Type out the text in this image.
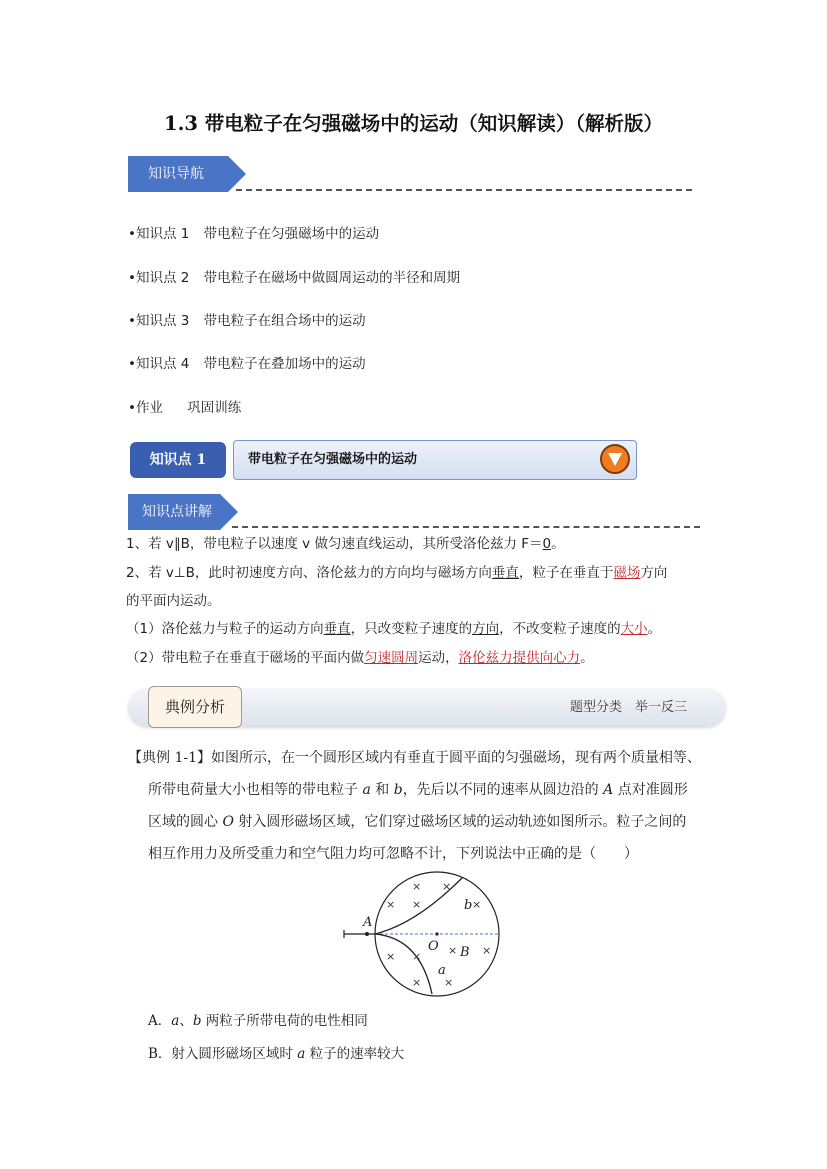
1.3 带电粒子在匀强磁场中的运动（知识解读）（解析版）
知识导航
•知识点 1 带电粒子在匀强磁场中的运动
•知识点 2 带电粒子在磁场中做圆周运动的半径和周期
•知识点 3 带电粒子在组合场中的运动
•知识点 4 带电粒子在叠加场中的运动
•作业 巩固训练
知识点 1	带电粒子在匀强磁场中的运动
知识点讲解
1、若 v∥B，带电粒子以速度 v 做匀速直线运动，其所受洛伦兹力 F＝0。
2、若 v⊥B，此时初速度方向、洛伦兹力的方向均与磁场方向垂直，粒子在垂直于磁场方向
的平面内运动。
（1）洛伦兹力与粒子的运动方向垂直，只改变粒子速度的方向，不改变粒子速度的大小。
（2）带电粒子在垂直于磁场的平面内做匀速圆周运动，洛伦兹力提供向心力。
典例分析	题型分类　举一反三
【典例 1-1】如图所示，在一个圆形区域内有垂直于圆平面的匀强磁场，现有两个质量相等、
所带电荷量大小也相等的带电粒子 a 和 b，先后以不同的速率从圆边沿的 A 点对准圆形
区域的圆心 O 射入圆形磁场区域，它们穿过磁场区域的运动轨迹如图所示。粒子之间的
相互作用力及所受重力和空气阻力均可忽略不计，下列说法中正确的是（　　）
× ×
× ×	×
× ×
× ×
× ×
A
O B
a
b
A．a、b 两粒子所带电荷的电性相同
B．射入圆形磁场区域时 a 粒子的速率较大
